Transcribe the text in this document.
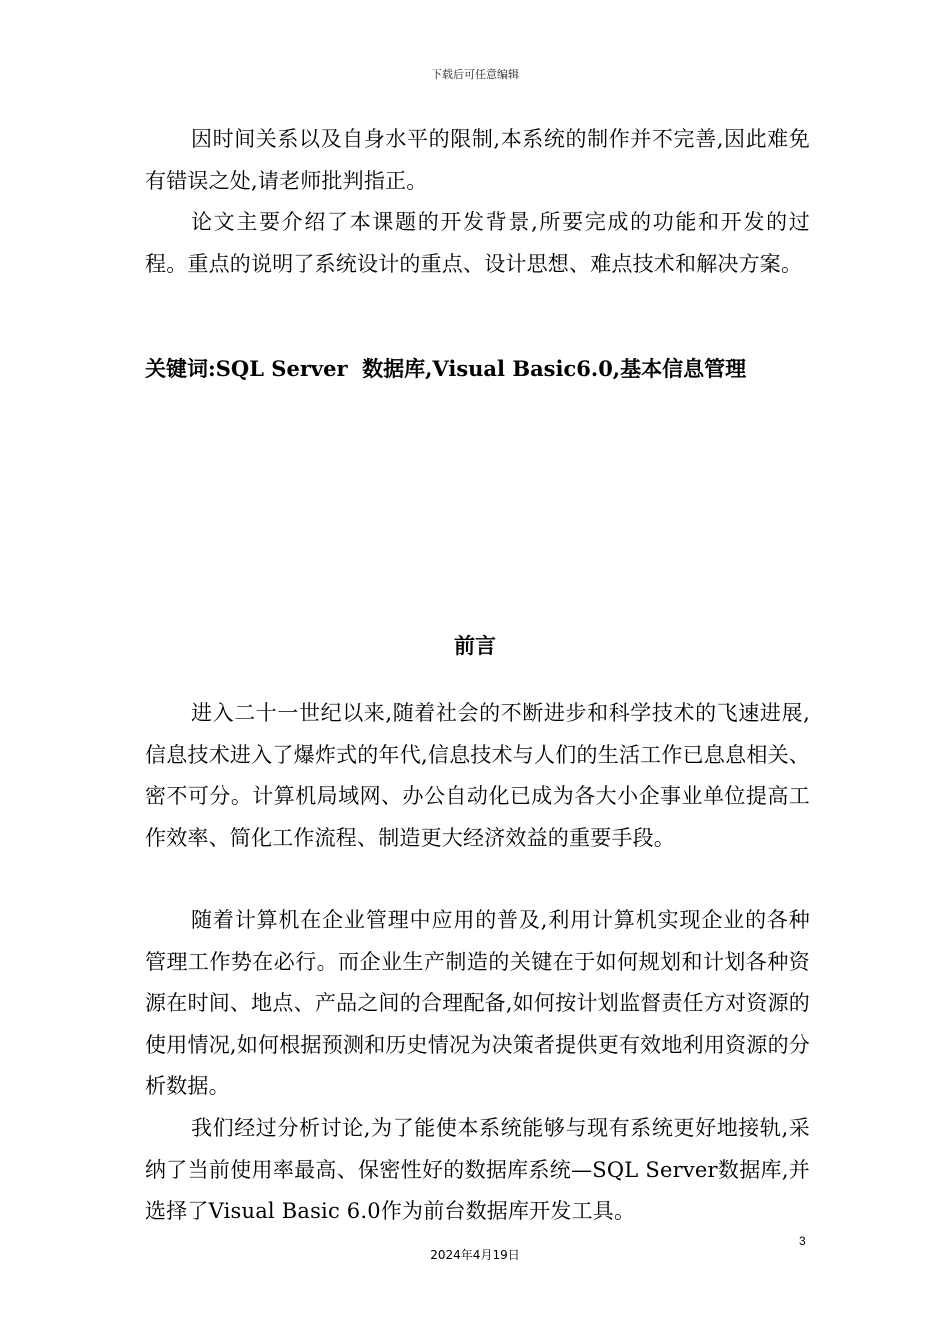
下载后可任意编辑

因时间关系以及自身水平的限制,本系统的制作并不完善,因此难免有错误之处,请老师批判指正。

论文主要介绍了本课题的开发背景,所要完成的功能和开发的过程。重点的说明了系统设计的重点、设计思想、难点技术和解决方案。

关键词:SQL Server  数据库,Visual Basic6.0,基本信息管理
前言

进入二十一世纪以来,随着社会的不断进步和科学技术的飞速进展,信息技术进入了爆炸式的年代,信息技术与人们的生活工作已息息相关、密不可分。计算机局域网、办公自动化已成为各大小企事业单位提高工作效率、简化工作流程、制造更大经济效益的重要手段。

随着计算机在企业管理中应用的普及,利用计算机实现企业的各种管理工作势在必行。而企业生产制造的关键在于如何规划和计划各种资源在时间、地点、产品之间的合理配备,如何按计划监督责任方对资源的使用情况,如何根据预测和历史情况为决策者提供更有效地利用资源的分析数据。

我们经过分析讨论,为了能使本系统能够与现有系统更好地接轨,采纳了当前使用率最高、保密性好的数据库系统—SQL Server数据库,并选择了Visual Basic 6.0作为前台数据库开发工具。

3
2024年4月19日
